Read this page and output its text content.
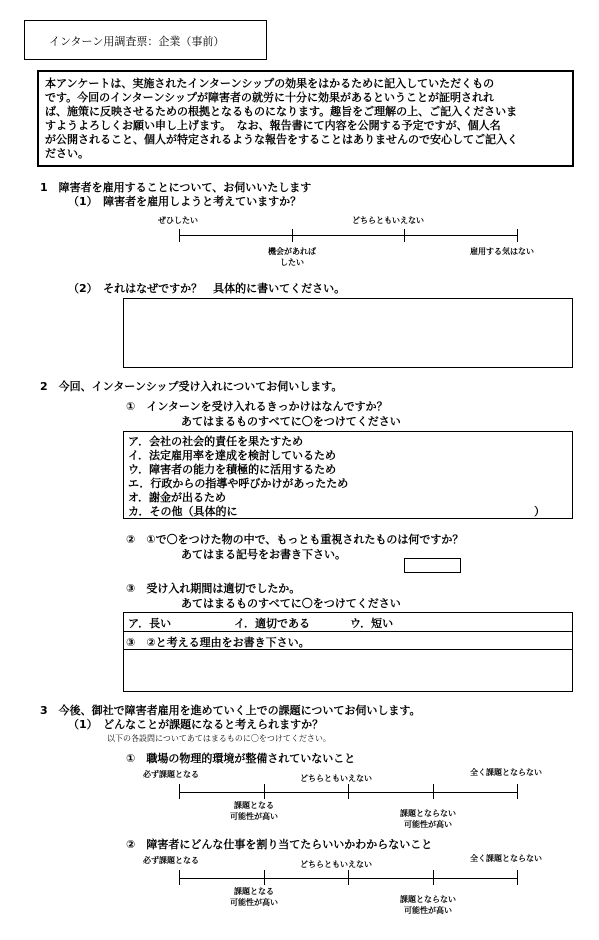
インターン用調査票：企業（事前）
本アンケートは、実施されたインターンシップの効果をはかるために記入していただくもの
です。今回のインターンシップが障害者の就労に十分に効果があるということが証明されれ
ば、施策に反映させるための根拠となるものになります。趣旨をご理解の上、ご記入くださいま
すようよろしくお願い申し上げます。　なお、報告書にて内容を公開する予定ですが、個人名
が公開されること、個人が特定されるような報告をすることはありませんので安心してご記入く
ださい。
1　障害者を雇用することについて、お伺いいたします
（1）　障害者を雇用しようと考えていますか？
ぜひしたい	どちらともいえない
機会があれば
したい
雇用する気はない
（2）　それはなぜですか？　具体的に書いてください。
2　今回、インターンシップ受け入れについてお伺いします。
①　インターンを受け入れるきっかけはなんですか？
あてはまるものすべてに〇をつけてください
ア．会社の社会的責任を果たすため
イ．法定雇用率を達成を検討しているため
ウ．障害者の能力を積極的に活用するため
エ．行政からの指導や呼びかけがあったため
オ．謝金が出るため
カ．その他（具体的に	）
②　①で〇をつけた物の中で、もっとも重視されたものは何ですか？
あてはまる記号をお書き下さい。
③　受け入れ期間は適切でしたか。
あてはまるものすべてに〇をつけてください
ア．長い	イ．適切である	ウ．短い
③　②と考える理由をお書き下さい。
3　今後、御社で障害者雇用を進めていく上での課題についてお伺いします。
（1）　どんなことが課題になると考えられますか？
以下の各設問についてあてはまるものに〇をつけてください。
①　職場の物理的環境が整備されていないこと
必ず課題となる	どちらともいえない
全く課題とならない
課題となる
可能性が高い	課題とならない
可能性が高い
②　障害者にどんな仕事を割り当てたらいいかわからないこと
必ず課題となる	どちらともいえない
全く課題とならない
課題となる
可能性が高い	課題とならない
可能性が高い
